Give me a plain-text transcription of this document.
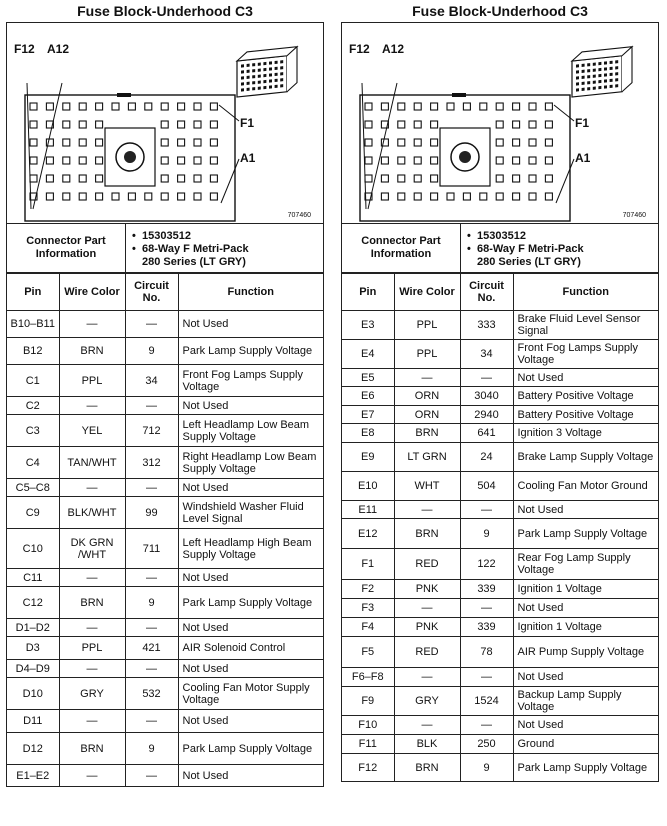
Fuse Block-Underhood C3
F12 A12
F1
A1
707460
Connector Part Information
• 15303512
• 68-Way F Metri-Pack
280 Series (LT GRY)
Pin	Wire Color	Circuit No.	Function
B10–B11	—	—	Not Used
B12	BRN	9	Park Lamp Supply Voltage
C1	PPL	34	Front Fog Lamps Supply Voltage
C2	—	—	Not Used
C3	YEL	712	Left Headlamp Low Beam Supply Voltage
C4	TAN/WHT	312	Right Headlamp Low Beam Supply Voltage
C5–C8	—	—	Not Used
C9	BLK/WHT	99	Windshield Washer Fluid Level Signal
C10	DK GRN /WHT	711	Left Headlamp High Beam Supply Voltage
C11	—	—	Not Used
C12	BRN	9	Park Lamp Supply Voltage
D1–D2	—	—	Not Used
D3	PPL	421	AIR Solenoid Control
D4–D9	—	—	Not Used
D10	GRY	532	Cooling Fan Motor Supply Voltage
D11	—	—	Not Used
D12	BRN	9	Park Lamp Supply Voltage
E1–E2	—	—	Not Used
Fuse Block-Underhood C3
F12 A12
F1
A1
707460
Connector Part Information
• 15303512
• 68-Way F Metri-Pack
280 Series (LT GRY)
Pin	Wire Color	Circuit No.	Function
E3	PPL	333	Brake Fluid Level Sensor Signal
E4	PPL	34	Front Fog Lamps Supply Voltage
E5	—	—	Not Used
E6	ORN	3040	Battery Positive Voltage
E7	ORN	2940	Battery Positive Voltage
E8	BRN	641	Ignition 3 Voltage
E9	LT GRN	24	Brake Lamp Supply Voltage
E10	WHT	504	Cooling Fan Motor Ground
E11	—	—	Not Used
E12	BRN	9	Park Lamp Supply Voltage
F1	RED	122	Rear Fog Lamp Supply Voltage
F2	PNK	339	Ignition 1 Voltage
F3	—	—	Not Used
F4	PNK	339	Ignition 1 Voltage
F5	RED	78	AIR Pump Supply Voltage
F6–F8	—	—	Not Used
F9	GRY	1524	Backup Lamp Supply Voltage
F10	—	—	Not Used
F11	BLK	250	Ground
F12	BRN	9	Park Lamp Supply Voltage
